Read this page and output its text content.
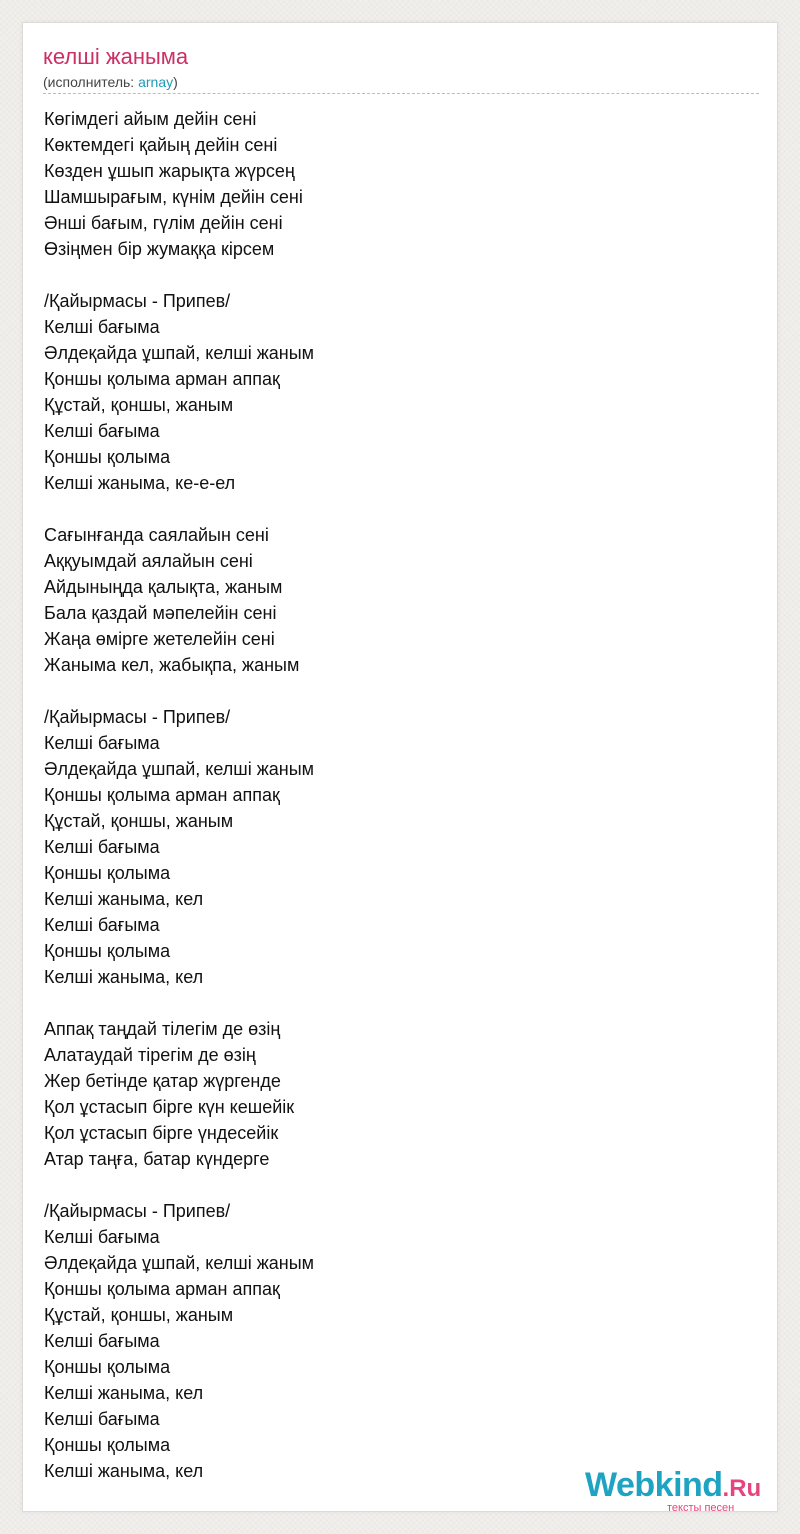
келші жаныма
(исполнитель: arnay)
Көгімдегі айым дейін сені
Көктемдегі қайың дейін сені
Көзден ұшып жарықта жүрсең
Шамшырағым, күнім дейін сені
Әнші бағым, гүлім дейін сені
Өзіңмен бір жумаққа кірсем
/Қайырмасы - Припев/
Келші бағыма
Әлдеқайда ұшпай, келші жаным
Қоншы қолыма арман аппақ
Құстай, қоншы, жаным
Келші бағыма
Қоншы қолыма
Келші жаныма, ке-е-ел
Сағынғанда саялайын сені
Аққуымдай аялайын сені
Айдыныңда қалықта, жаным
Бала қаздай мәпелейін сені
Жаңа өмірге жетелейін сені
Жаныма кел, жабықпа, жаным
/Қайырмасы - Припев/
Келші бағыма
Әлдеқайда ұшпай, келші жаным
Қоншы қолыма арман аппақ
Құстай, қоншы, жаным
Келші бағыма
Қоншы қолыма
Келші жаныма, кел
Келші бағыма
Қоншы қолыма
Келші жаныма, кел
Аппақ таңдай тілегім де өзің
Алатаудай тірегім де өзің
Жер бетінде қатар жүргенде
Қол ұстасып бірге күн кешейік
Қол ұстасып бірге үндесейік
Атар таңға, батар күндерге
/Қайырмасы - Припев/
Келші бағыма
Әлдеқайда ұшпай, келші жаным
Қоншы қолыма арман аппақ
Құстай, қоншы, жаным
Келші бағыма
Қоншы қолыма
Келші жаныма, кел
Келші бағыма
Қоншы қолыма
Келші жаныма, кел	Webkind.Ru
тексты песен
